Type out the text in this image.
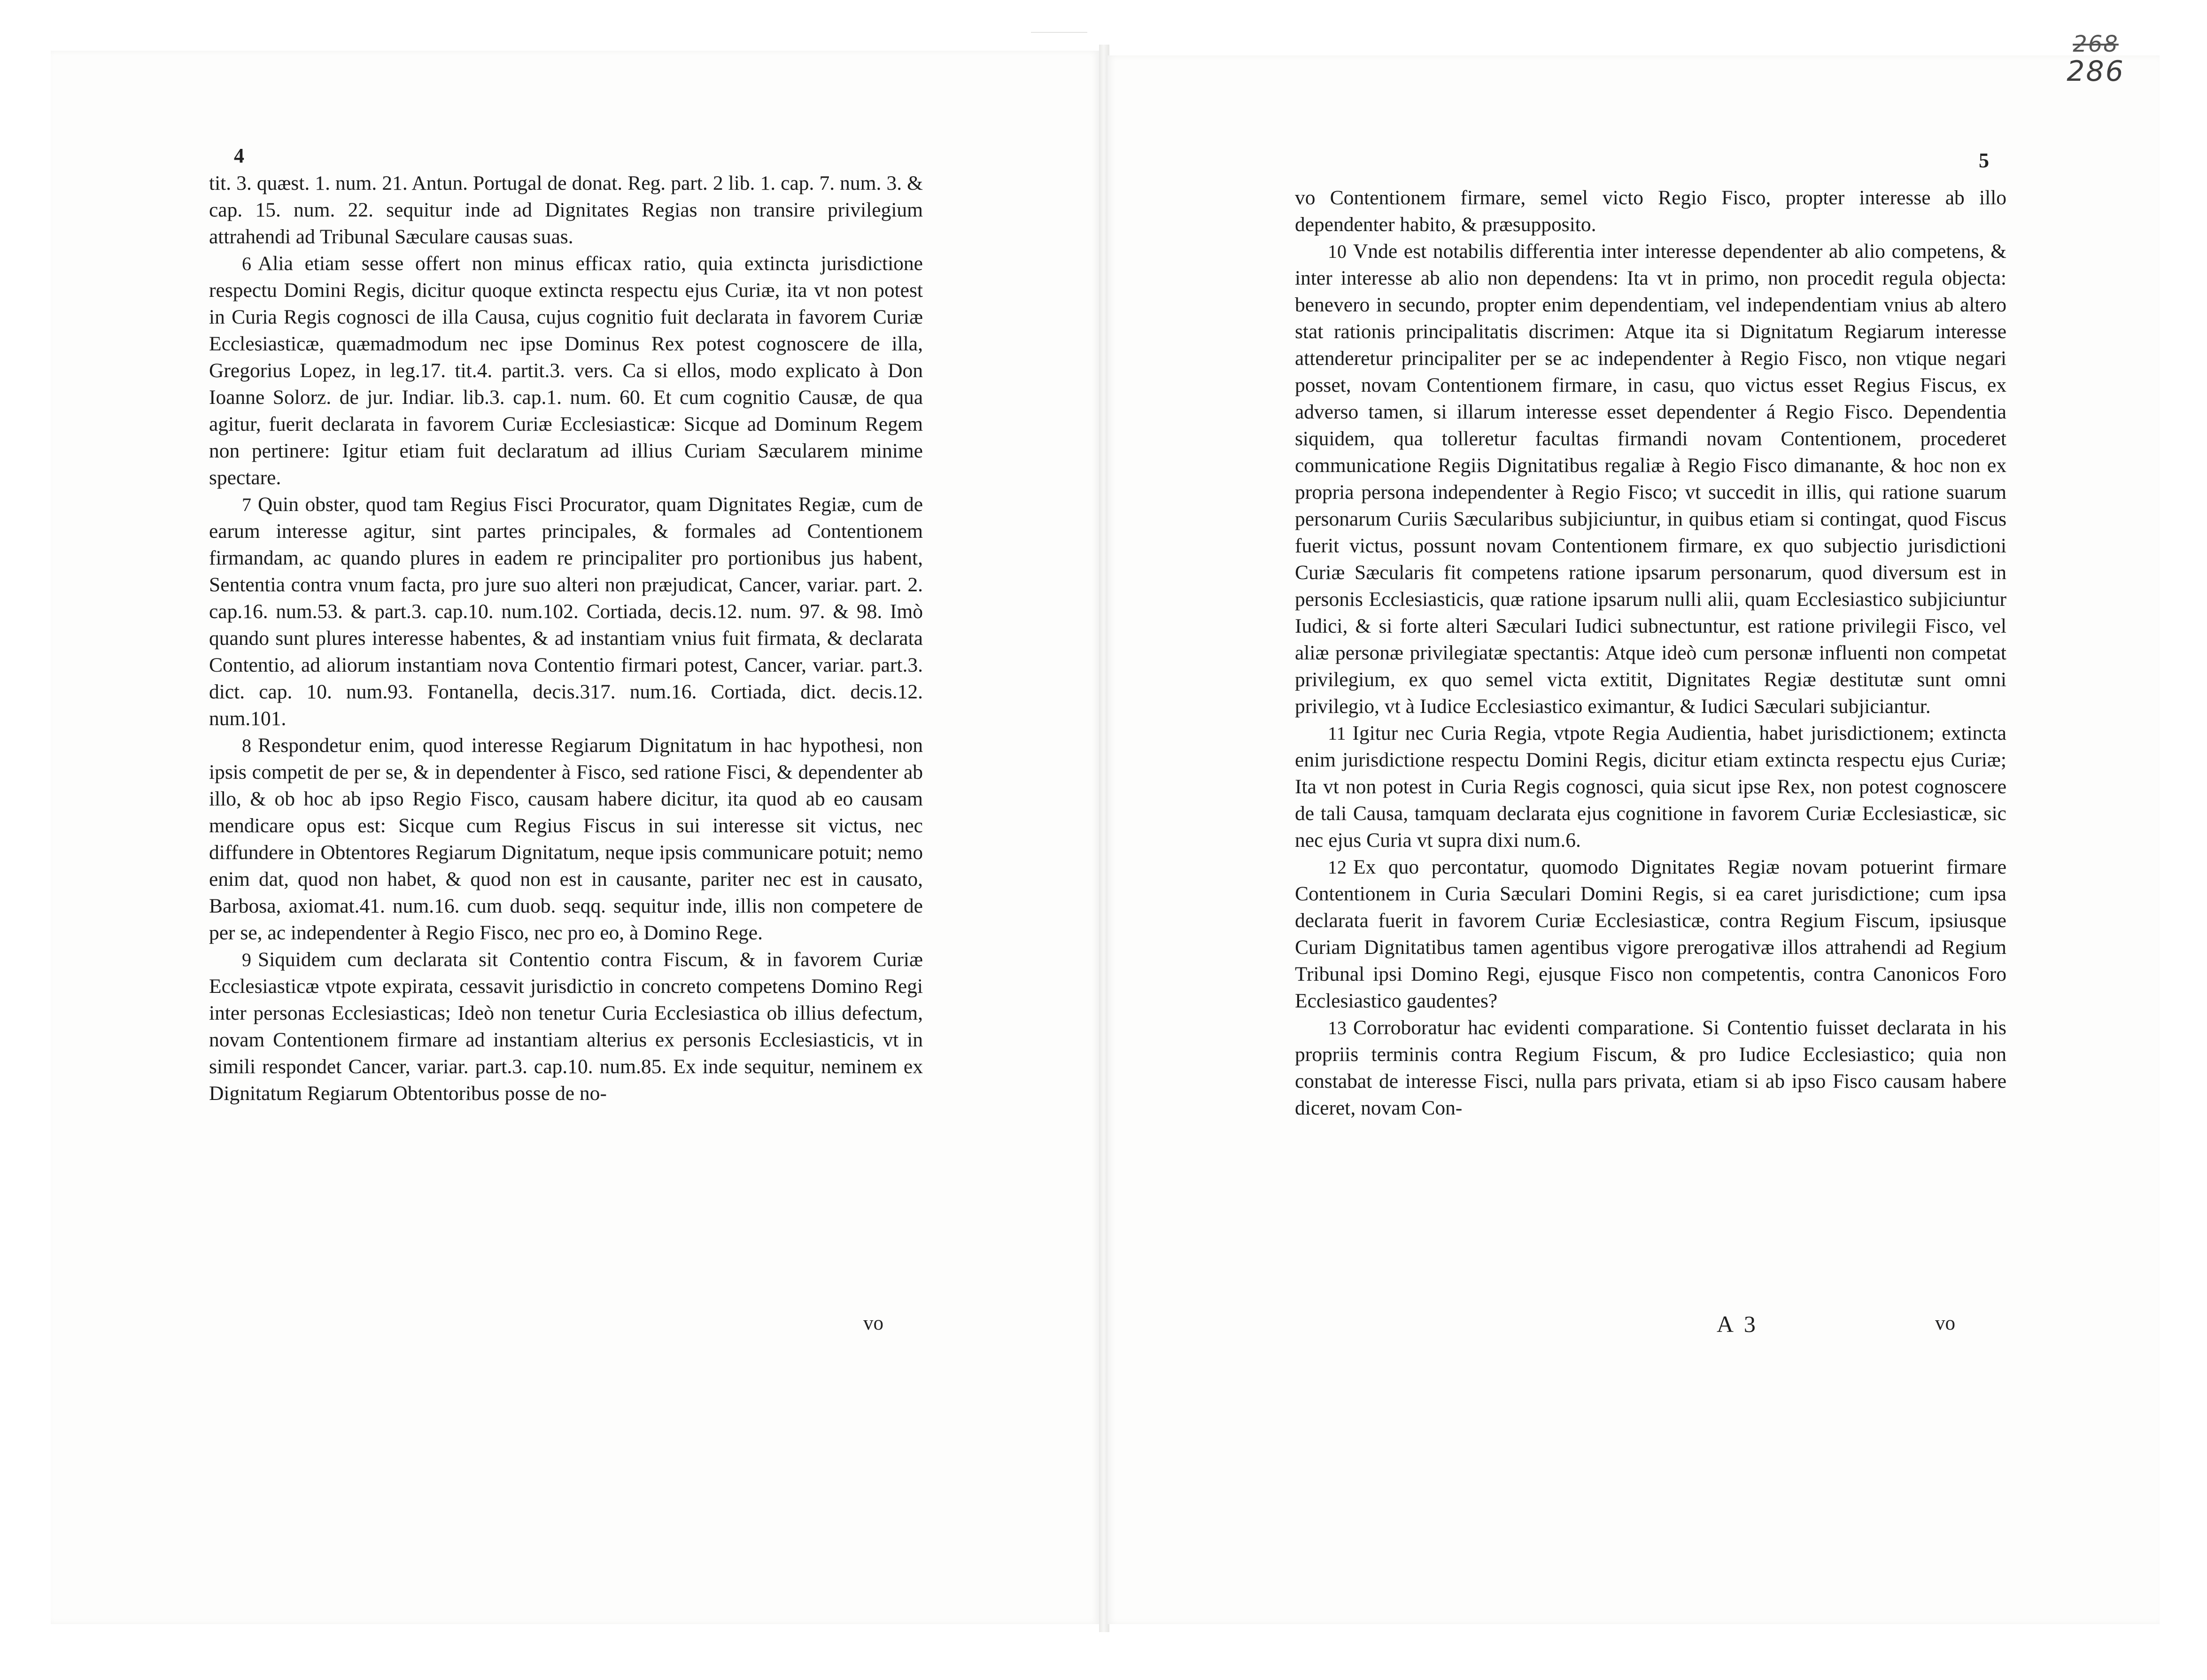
268
286
4	5

tit. 3. quæst. 1. num. 21. Antun. Portugal de donat. Reg. part. 2 lib. 1. cap. 7. num. 3. & cap. 15. num. 22. sequitur inde ad Dignitates Regias non transire privilegium attrahendi ad Tribunal Sæculare causas suas.

6 Alia etiam sesse offert non minus efficax ratio, quia extincta jurisdictione respectu Domini Regis, dicitur quoque extincta respectu ejus Curiæ, ita vt non potest in Curia Regis cognosci de illa Causa, cujus cognitio fuit declarata in favorem Curiæ Ecclesiasticæ, quæmadmodum nec ipse Dominus Rex potest cognoscere de illa, Gregorius Lopez, in leg.17. tit.4. partit.3. vers. Ca si ellos, modo explicato à Don Ioanne Solorz. de jur. Indiar. lib.3. cap.1. num. 60. Et cum cognitio Causæ, de qua agitur, fuerit declarata in favorem Curiæ Ecclesiasticæ: Sicque ad Dominum Regem non pertinere: Igitur etiam fuit declaratum ad illius Curiam Sæcularem minime spectare.

7 Quin obster, quod tam Regius Fisci Procurator, quam Dignitates Regiæ, cum de earum interesse agitur, sint partes principales, & formales ad Contentionem firmandam, ac quando plures in eadem re principaliter pro portionibus jus habent, Sententia contra vnum facta, pro jure suo alteri non præjudicat, Cancer, variar. part. 2. cap.16. num.53. & part.3. cap.10. num.102. Cortiada, decis.12. num. 97. & 98. Imò quando sunt plures interesse habentes, & ad instantiam vnius fuit firmata, & declarata Contentio, ad aliorum instantiam nova Contentio firmari potest, Cancer, variar. part.3. dict. cap. 10. num.93. Fontanella, decis.317. num.16. Cortiada, dict. decis.12. num.101.

8 Respondetur enim, quod interesse Regiarum Dignitatum in hac hypothesi, non ipsis competit de per se, & in dependenter à Fisco, sed ratione Fisci, & dependenter ab illo, & ob hoc ab ipso Regio Fisco, causam habere dicitur, ita quod ab eo causam mendicare opus est: Sicque cum Regius Fiscus in sui interesse sit victus, nec diffundere in Obtentores Regiarum Dignitatum, neque ipsis communicare potuit; nemo enim dat, quod non habet, & quod non est in causante, pariter nec est in causato, Barbosa, axiomat.41. num.16. cum duob. seqq. sequitur inde, illis non competere de per se, ac independenter à Regio Fisco, nec pro eo, à Domino Rege.

9 Siquidem cum declarata sit Contentio contra Fiscum, & in favorem Curiæ Ecclesiasticæ vtpote expirata, cessavit jurisdictio in concreto competens Domino Regi inter personas Ecclesiasticas; Ideò non tenetur Curia Ecclesiastica ob illius defectum, novam Contentionem firmare ad instantiam alterius ex personis Ecclesiasticis, vt in simili respondet Cancer, variar. part.3. cap.10. num.85. Ex inde sequitur, neminem ex Dignitatum Regiarum Obtentoribus posse de no-

vo

vo Contentionem firmare, semel victo Regio Fisco, propter interesse ab illo dependenter habito, & præsupposito.

10 Vnde est notabilis differentia inter interesse dependenter ab alio competens, & inter interesse ab alio non dependens: Ita vt in primo, non procedit regula objecta: benevero in secundo, propter enim dependentiam, vel independentiam vnius ab altero stat rationis principalitatis discrimen: Atque ita si Dignitatum Regiarum interesse attenderetur principaliter per se ac independenter à Regio Fisco, non vtique negari posset, novam Contentionem firmare, in casu, quo victus esset Regius Fiscus, ex adverso tamen, si illarum interesse esset dependenter á Regio Fisco. Dependentia siquidem, qua tolleretur facultas firmandi novam Contentionem, procederet communicatione Regiis Dignitatibus regaliæ à Regio Fisco dimanante, & hoc non ex propria persona independenter à Regio Fisco; vt succedit in illis, qui ratione suarum personarum Curiis Sæcularibus subjiciuntur, in quibus etiam si contingat, quod Fiscus fuerit victus, possunt novam Contentionem firmare, ex quo subjectio jurisdictioni Curiæ Sæcularis fit competens ratione ipsarum personarum, quod diversum est in personis Ecclesiasticis, quæ ratione ipsarum nulli alii, quam Ecclesiastico subjiciuntur Iudici, & si forte alteri Sæculari Iudici subnectuntur, est ratione privilegii Fisco, vel aliæ personæ privilegiatæ spectantis: Atque ideò cum personæ influenti non competat privilegium, ex quo semel victa extitit, Dignitates Regiæ destitutæ sunt omni privilegio, vt à Iudice Ecclesiastico eximantur, & Iudici Sæculari subjiciantur.

11 Igitur nec Curia Regia, vtpote Regia Audientia, habet jurisdictionem; extincta enim jurisdictione respectu Domini Regis, dicitur etiam extincta respectu ejus Curiæ; Ita vt non potest in Curia Regis cognosci, quia sicut ipse Rex, non potest cognoscere de tali Causa, tamquam declarata ejus cognitione in favorem Curiæ Ecclesiasticæ, sic nec ejus Curia vt supra dixi num.6.

12 Ex quo percontatur, quomodo Dignitates Regiæ novam potuerint firmare Contentionem in Curia Sæculari Domini Regis, si ea caret jurisdictione; cum ipsa declarata fuerit in favorem Curiæ Ecclesiasticæ, contra Regium Fiscum, ipsiusque Curiam Dignitatibus tamen agentibus vigore prerogativæ illos attrahendi ad Regium Tribunal ipsi Domino Regi, ejusque Fisco non competentis, contra Canonicos Foro Ecclesiastico gaudentes?

13 Corroboratur hac evidenti comparatione. Si Contentio fuisset declarata in his propriis terminis contra Regium Fiscum, & pro Iudice Ecclesiastico; quia non constabat de interesse Fisci, nulla pars privata, etiam si ab ipso Fisco causam habere diceret, novam Con-

A 3	vo
